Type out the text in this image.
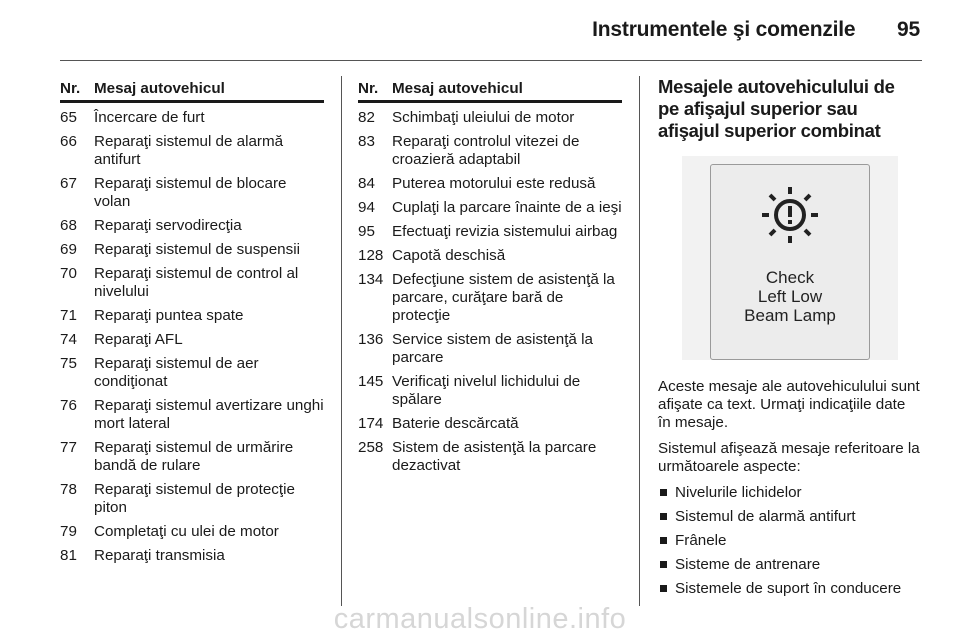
Instrumentele şi comenzile 95
Nr. Mesaj autovehicul
65	Încercare de furt
66	Reparaţi sistemul de alarmă antifurt
67	Reparaţi sistemul de blocare volan
68	Reparaţi servodirecţia
69	Reparaţi sistemul de suspensii
70	Reparaţi sistemul de control al nivelului
71	Reparaţi puntea spate
74	Reparaţi AFL
75	Reparaţi sistemul de aer condiţionat
76	Reparaţi sistemul avertizare unghi mort lateral
77	Reparaţi sistemul de urmărire bandă de rulare
78	Reparaţi sistemul de protecţie piton
79	Completaţi cu ulei de motor
81	Reparaţi transmisia
Nr. Mesaj autovehicul
82	Schimbaţi uleiului de motor
83	Reparaţi controlul vitezei de croazieră adaptabil
84	Puterea motorului este redusă
94	Cuplaţi la parcare înainte de a ieşi
95	Efectuaţi revizia sistemului airbag
128 Capotă deschisă
134 Defecţiune sistem de asistenţă la parcare, curăţare bară de protecţie
136 Service sistem de asistenţă la parcare
145 Verificaţi nivelul lichidului de spălare
174 Baterie descărcată
258 Sistem de asistenţă la parcare dezactivat
Mesajele autovehiculului de pe afişajul superior sau afişajul superior combinat
Check
Left Low
Beam Lamp

Aceste mesaje ale autovehiculului sunt afişate ca text. Urmaţi indicaţiile date în mesaje.

Sistemul afişează mesaje referitoare la următoarele aspecte:

Nivelurile lichidelor
Sistemul de alarmă antifurt
Frânele
Sisteme de antrenare
Sistemele de suport în conducere
carmanualsonline.info
